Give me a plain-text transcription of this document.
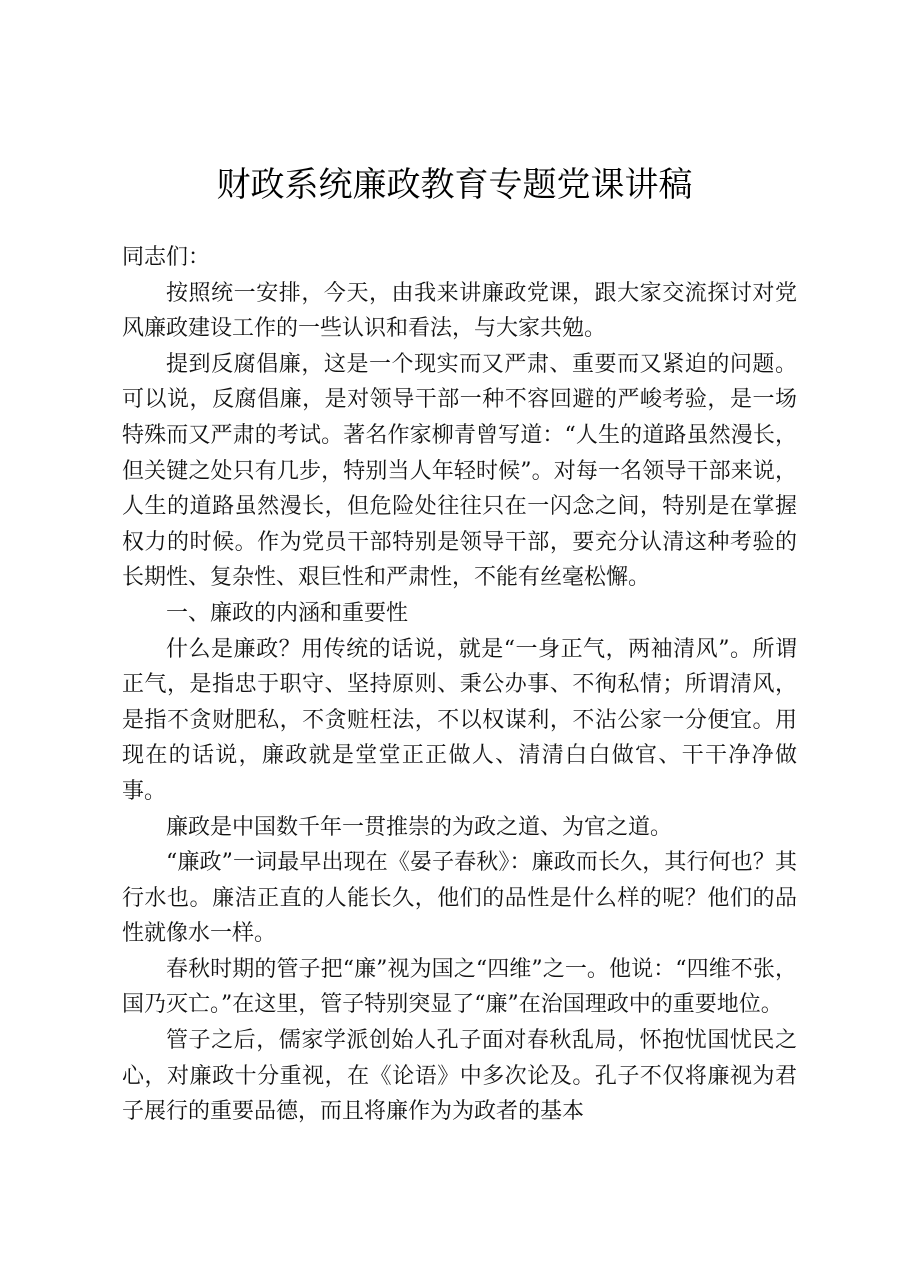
财政系统廉政教育专题党课讲稿

同志们：

按照统一安排，今天，由我来讲廉政党课，跟大家交流探讨对党风廉政建设工作的一些认识和看法，与大家共勉。

提到反腐倡廉，这是一个现实而又严肃、重要而又紧迫的问题。可以说，反腐倡廉，是对领导干部一种不容回避的严峻考验，是一场特殊而又严肃的考试。著名作家柳青曾写道：“人生的道路虽然漫长，但关键之处只有几步，特别当人年轻时候”。对每一名领导干部来说，人生的道路虽然漫长，但危险处往往只在一闪念之间，特别是在掌握权力的时候。作为党员干部特别是领导干部，要充分认清这种考验的长期性、复杂性、艰巨性和严肃性，不能有丝毫松懈。

一、廉政的内涵和重要性

什么是廉政？用传统的话说，就是“一身正气，两袖清风”。所谓正气，是指忠于职守、坚持原则、秉公办事、不徇私情；所谓清风，是指不贪财肥私，不贪赃枉法，不以权谋利，不沾公家一分便宜。用现在的话说，廉政就是堂堂正正做人、清清白白做官、干干净净做事。

廉政是中国数千年一贯推崇的为政之道、为官之道。

“廉政”一词最早出现在《晏子春秋》：廉政而长久，其行何也？其行水也。廉洁正直的人能长久，他们的品性是什么样的呢？他们的品性就像水一样。

春秋时期的管子把“廉”视为国之“四维”之一。他说：“四维不张，国乃灭亡。”在这里，管子特别突显了“廉”在治国理政中的重要地位。

管子之后，儒家学派创始人孔子面对春秋乱局，怀抱忧国忧民之心，对廉政十分重视，在《论语》中多次论及。孔子不仅将廉视为君子展行的重要品德，而且将廉作为为政者的基本
